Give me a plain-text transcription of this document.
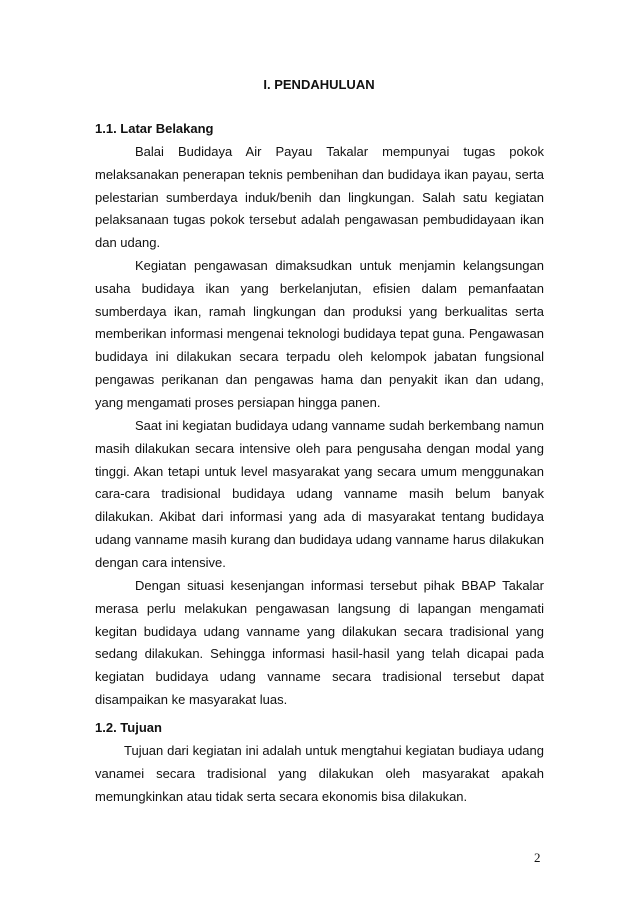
I. PENDAHULUAN
1.1. Latar Belakang

Balai Budidaya Air Payau Takalar mempunyai tugas pokok melaksanakan penerapan teknis pembenihan dan budidaya ikan payau, serta pelestarian sumberdaya induk/benih dan lingkungan. Salah satu kegiatan pelaksanaan tugas pokok tersebut adalah pengawasan pembudidayaan ikan dan udang.

Kegiatan pengawasan dimaksudkan untuk menjamin kelangsungan usaha budidaya ikan yang berkelanjutan, efisien dalam pemanfaatan sumberdaya ikan, ramah lingkungan dan produksi yang berkualitas serta memberikan informasi mengenai teknologi budidaya tepat guna. Pengawasan budidaya ini dilakukan secara terpadu oleh kelompok jabatan fungsional pengawas perikanan dan pengawas hama dan penyakit ikan dan udang, yang mengamati proses persiapan hingga panen.

Saat ini kegiatan budidaya udang vanname sudah berkembang namun masih dilakukan secara intensive oleh para pengusaha dengan modal yang tinggi. Akan tetapi untuk level masyarakat yang secara umum menggunakan cara-cara tradisional budidaya udang vanname masih belum banyak dilakukan. Akibat dari informasi yang ada di masyarakat tentang budidaya udang vanname masih kurang dan budidaya udang vanname harus dilakukan dengan cara intensive.

Dengan situasi kesenjangan informasi tersebut pihak BBAP Takalar merasa perlu melakukan pengawasan langsung di lapangan mengamati kegitan budidaya udang vanname yang dilakukan secara tradisional yang sedang dilakukan. Sehingga informasi hasil-hasil yang telah dicapai pada kegiatan budidaya udang vanname secara tradisional tersebut dapat disampaikan ke masyarakat luas.

1.2. Tujuan

Tujuan dari kegiatan ini adalah untuk mengtahui kegiatan budiaya udang vanamei secara tradisional yang dilakukan oleh masyarakat apakah memungkinkan atau tidak serta secara ekonomis bisa dilakukan.

2
